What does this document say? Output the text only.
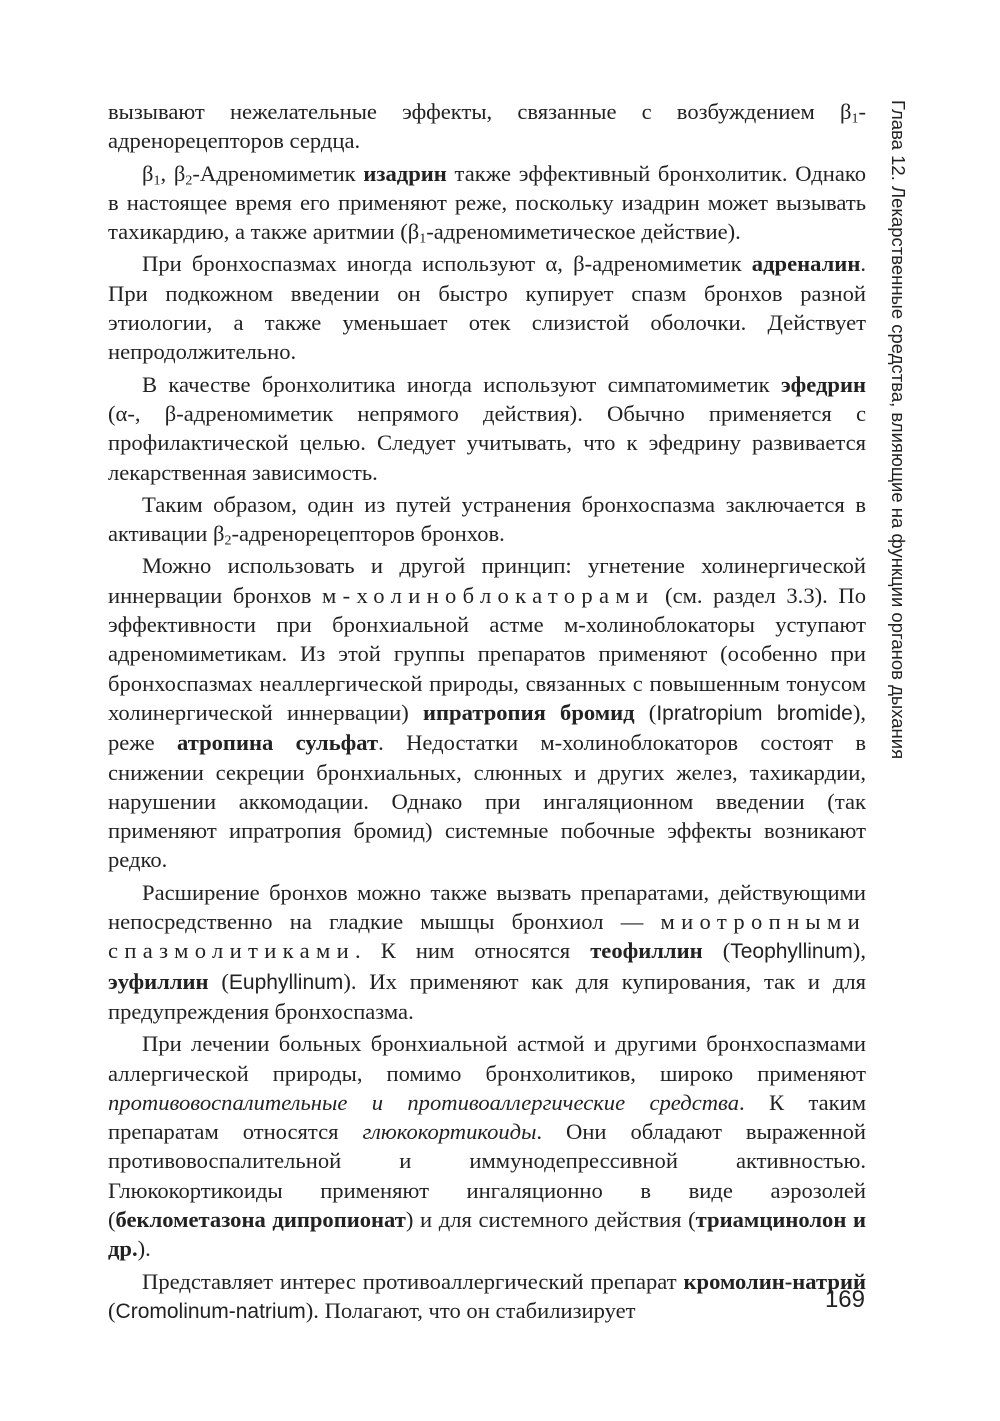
вызывают нежелательные эффекты, связанные с возбуждением $\beta_1$-адренорецепторов сердца.

$\beta_1$, $\beta_2$-Адреномиметик изадрин также эффективный бронхолитик. Однако в настоящее время его применяют реже, поскольку изадрин может вызывать тахикардию, а также аритмии ($\beta_1$-адреномиметическое действие).

При бронхоспазмах иногда используют α, β-адреномиметик адреналин. При подкожном введении он быстро купирует спазм бронхов разной этиологии, а также уменьшает отек слизистой оболочки. Действует непродолжительно.

В качестве бронхолитика иногда используют симпатомиметик эфедрин (α-, β-адреномиметик непрямого действия). Обычно применяется с профилактической целью. Следует учитывать, что к эфедрину развивается лекарственная зависимость.

Таким образом, один из путей устранения бронхоспазма заключается в активации $\beta_2$-адренорецепторов бронхов.

Можно использовать и другой принцип: угнетение холинергической иннервации бронхов м-холиноблокаторами (см. раздел 3.3). По эффективности при бронхиальной астме м-холиноблокаторы уступают адреномиметикам. Из этой группы препаратов применяют (особенно при бронхоспазмах неаллергической природы, связанных с повышенным тонусом холинергической иннервации) ипратропия бромид (Ipratropium bromide), реже атропина сульфат. Недостатки м-холиноблокаторов состоят в снижении секреции бронхиальных, слюнных и других желез, тахикардии, нарушении аккомодации. Однако при ингаляционном введении (так применяют ипратропия бромид) системные побочные эффекты возникают редко.

Расширение бронхов можно также вызвать препаратами, действующими непосредственно на гладкие мышцы бронхиол — миотропными спазмолитиками. К ним относятся теофиллин (Teophyllinum), эуфиллин (Euphyllinum). Их применяют как для купирования, так и для предупреждения бронхоспазма.

При лечении больных бронхиальной астмой и другими бронхоспазмами аллергической природы, помимо бронхолитиков, широко применяют противовоспалительные и противоаллергические средства. К таким препаратам относятся глюкокортикоиды. Они обладают выраженной противовоспалительной и иммунодепрессивной активностью. Глюкокортикоиды применяют ингаляционно в виде аэрозолей (беклометазона дипропионат) и для системного действия (триамцинолон и др.).

Представляет интерес противоаллергический препарат кромолин-натрий (Cromolinum-natrium). Полагают, что он стабилизирует

Глава 12. Лекарственные средства, влияющие на функции органов дыхания
169
